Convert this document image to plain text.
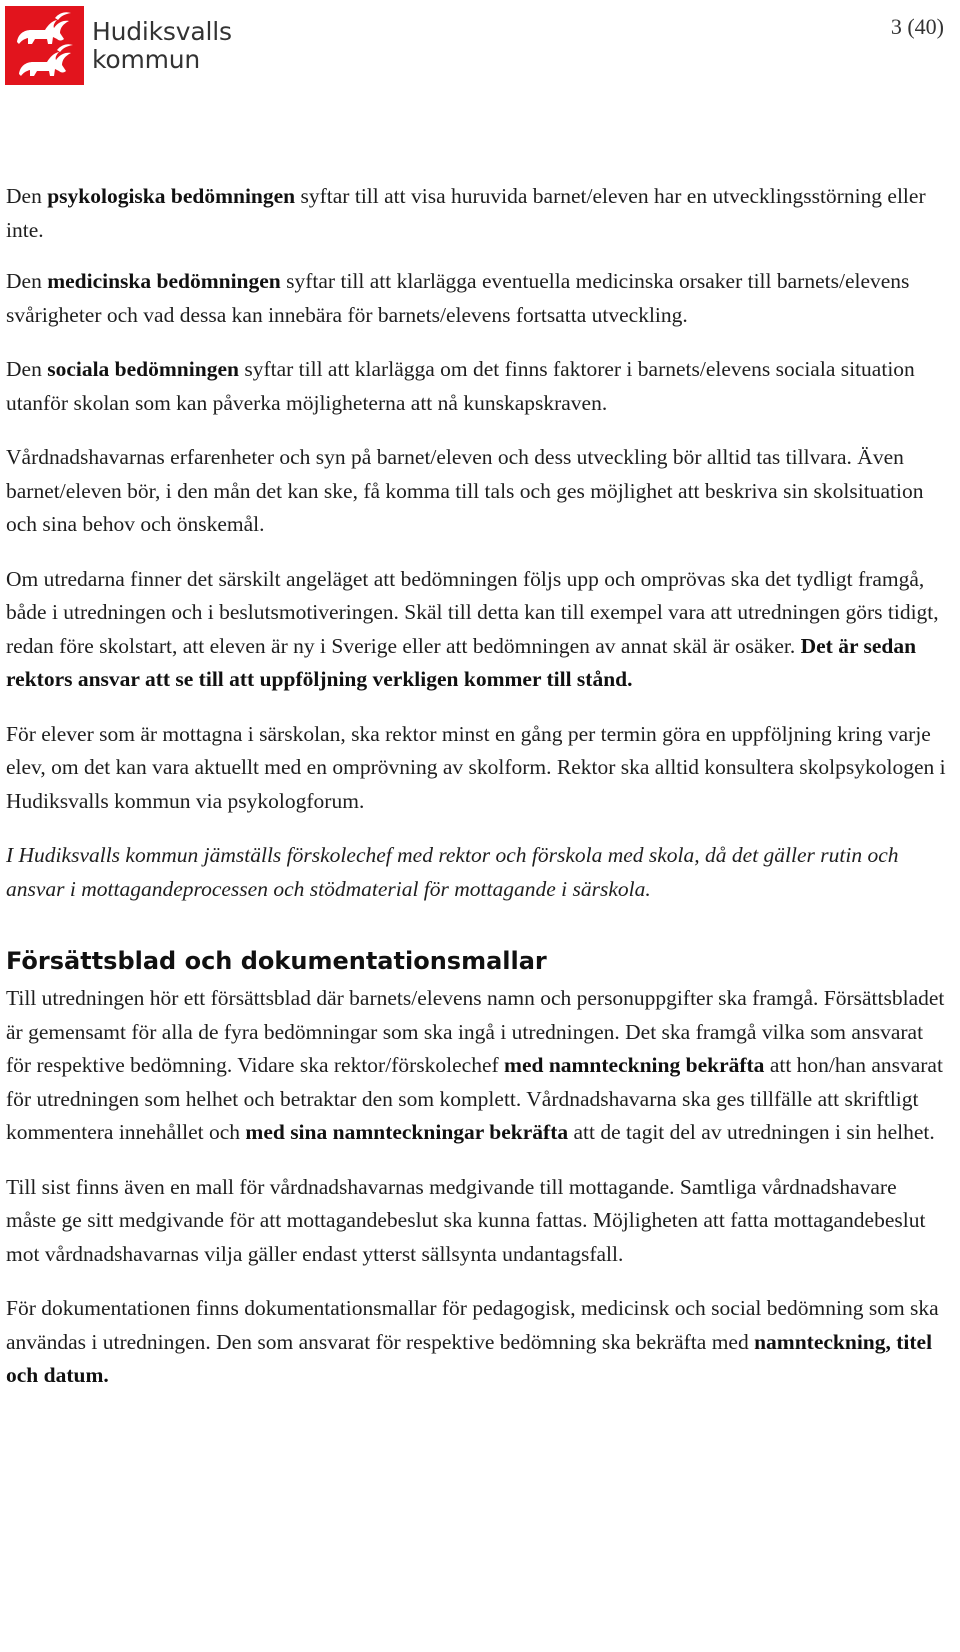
Hudiksvalls
kommun
3 (40)

Den psykologiska bedömningen syftar till att visa huruvida barnet/eleven har en utvecklingsstörning eller inte.

Den medicinska bedömningen syftar till att klarlägga eventuella medicinska orsaker till barnets/elevens svårigheter och vad dessa kan innebära för barnets/elevens fortsatta utveckling.

Den sociala bedömningen syftar till att klarlägga om det finns faktorer i barnets/elevens sociala situation utanför skolan som kan påverka möjligheterna att nå kunskapskraven.

Vårdnadshavarnas erfarenheter och syn på barnet/eleven och dess utveckling bör alltid tas tillvara. Även barnet/eleven bör, i den mån det kan ske, få komma till tals och ges möjlighet att beskriva sin skolsituation och sina behov och önskemål.

Om utredarna finner det särskilt angeläget att bedömningen följs upp och omprövas ska det tydligt framgå, både i utredningen och i beslutsmotiveringen. Skäl till detta kan till exempel vara att utredningen görs tidigt, redan före skolstart, att eleven är ny i Sverige eller att bedömningen av annat skäl är osäker. Det är sedan rektors ansvar att se till att uppföljning verkligen kommer till stånd.

För elever som är mottagna i särskolan, ska rektor minst en gång per termin göra en uppföljning kring varje elev, om det kan vara aktuellt med en omprövning av skolform. Rektor ska alltid konsultera skolpsykologen i Hudiksvalls kommun via psykologforum.

I Hudiksvalls kommun jämställs förskolechef med rektor och förskola med skola, då det gäller rutin och ansvar i mottagandeprocessen och stödmaterial för mottagande i särskola.

Försättsblad och dokumentationsmallar

Till utredningen hör ett försättsblad där barnets/elevens namn och personuppgifter ska framgå. Försättsbladet är gemensamt för alla de fyra bedömningar som ska ingå i utredningen. Det ska framgå vilka som ansvarat för respektive bedömning. Vidare ska rektor/förskolechef med namnteckning bekräfta att hon/han ansvarat för utredningen som helhet och betraktar den som komplett. Vårdnadshavarna ska ges tillfälle att skriftligt kommentera innehållet och med sina namnteckningar bekräfta att de tagit del av utredningen i sin helhet.

Till sist finns även en mall för vårdnadshavarnas medgivande till mottagande. Samtliga vårdnadshavare måste ge sitt medgivande för att mottagandebeslut ska kunna fattas. Möjligheten att fatta mottagandebeslut mot vårdnadshavarnas vilja gäller endast ytterst sällsynta undantagsfall.

För dokumentationen finns dokumentationsmallar för pedagogisk, medicinsk och social bedömning som ska användas i utredningen. Den som ansvarat för respektive bedömning ska bekräfta med namnteckning, titel och datum.
